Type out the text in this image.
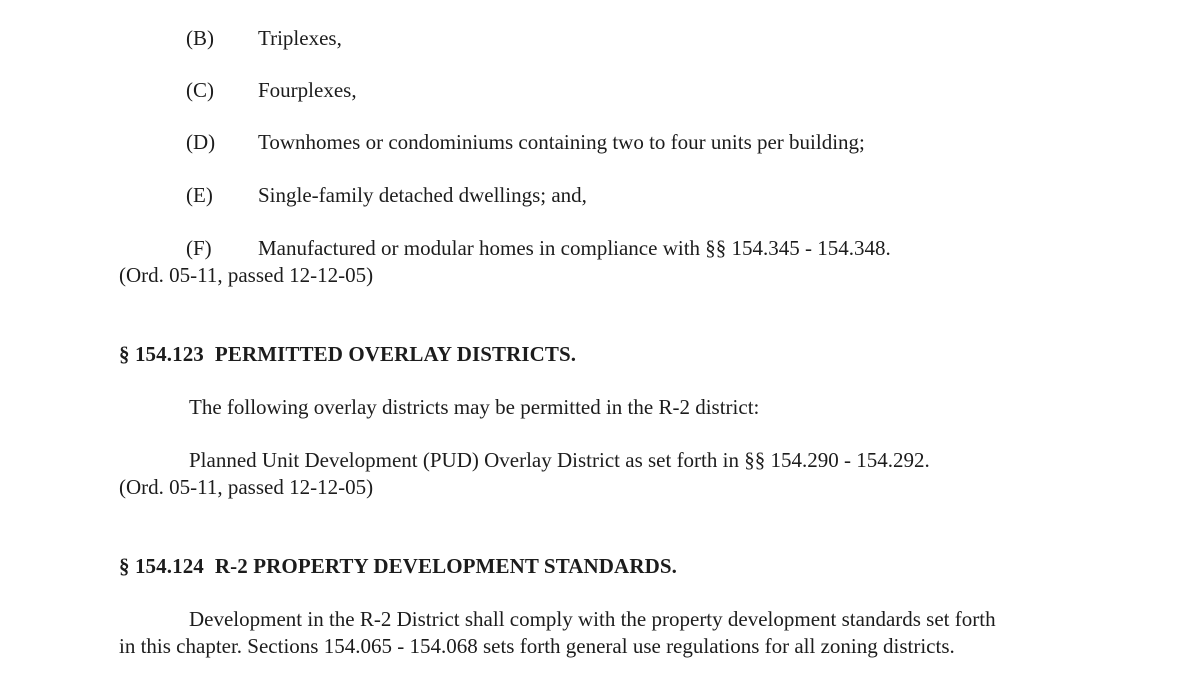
(B) Triplexes,
(C) Fourplexes,
(D) Townhomes or condominiums containing two to four units per building;
(E) Single-family detached dwellings; and,
(F) Manufactured or modular homes in compliance with §§ 154.345 - 154.348.
(Ord. 05-11, passed 12-12-05)
§ 154.123 PERMITTED OVERLAY DISTRICTS.
The following overlay districts may be permitted in the R-2 district:
Planned Unit Development (PUD) Overlay District as set forth in §§ 154.290 - 154.292.
(Ord. 05-11, passed 12-12-05)
§ 154.124 R-2 PROPERTY DEVELOPMENT STANDARDS.
Development in the R-2 District shall comply with the property development standards set forth
in this chapter. Sections 154.065 - 154.068 sets forth general use regulations for all zoning districts.
